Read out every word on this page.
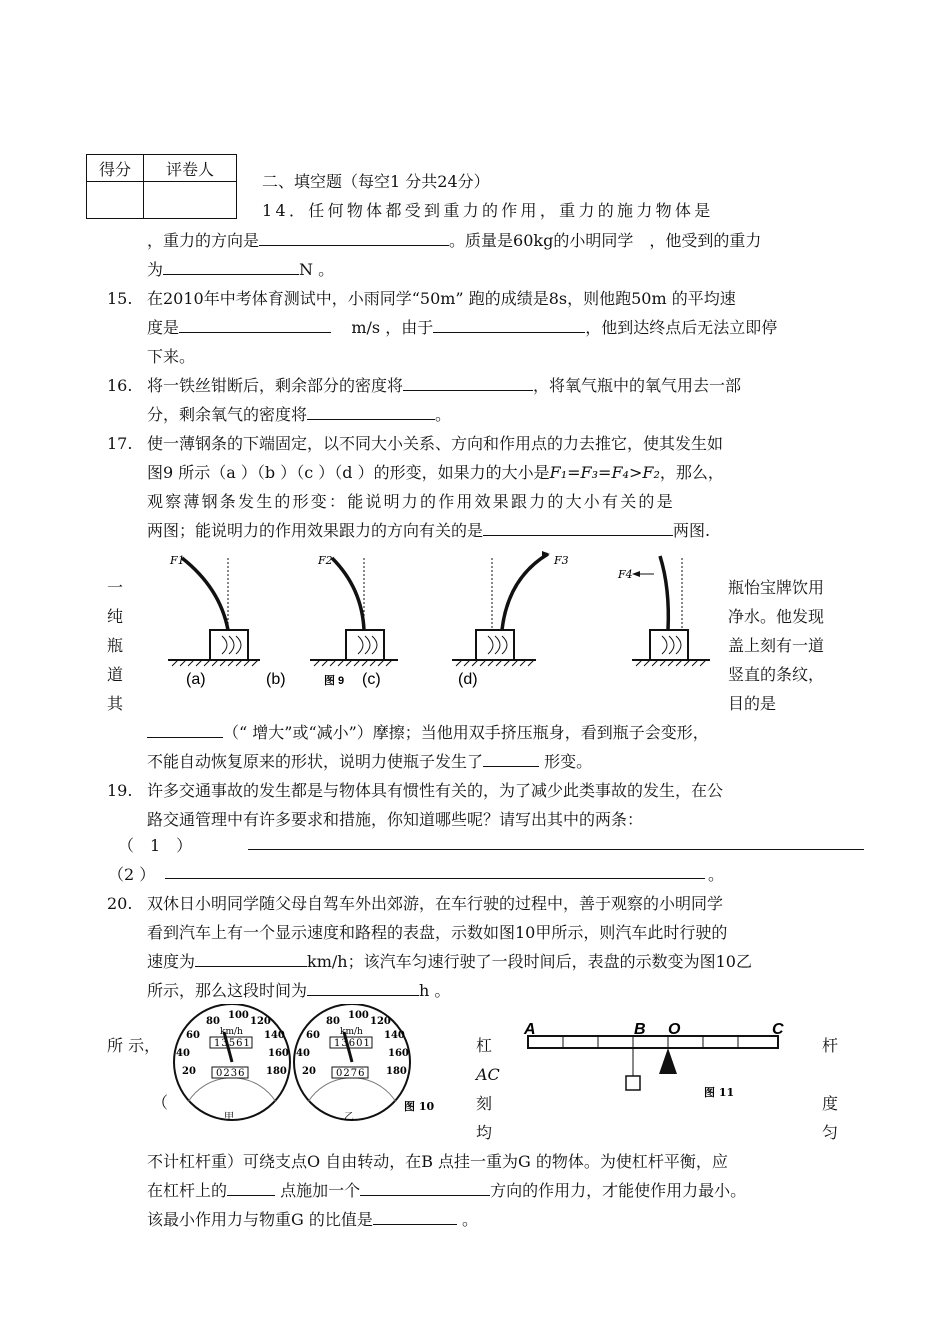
得分	评卷人

二、填空题（每空1 分共24分）
14．任何物体都受到重力的作用，重力的施力物体是
，重力的方向是	。质量是60kg的小明同学　，他受到的重力
为	N 。
15. 在2010年中考体育测试中，小雨同学“50m” 跑的成绩是8s，则他跑50m 的平均速
度是	m/s ，由于	，他到达终点后无法立即停
下来。
16. 将一铁丝钳断后，剩余部分的密度将	，将氧气瓶中的氧气用去一部
分，剩余氧气的密度将	。
17. 使一薄钢条的下端固定，以不同大小关系、方向和作用点的力去推它，使其发生如
图9 所示（a ）（b ）（c ）（d ）的形变，如果力的大小是F₁=F₃=F₄>F₂，那么，
观察薄钢条发生的形变：能说明力的作用效果跟力的大小有关的是
两图；能说明力的作用效果跟力的方向有关的是	两图.
F1	F2	F3
F4
(a)	(b)	图 9 (c)	(d)
一
纯
瓶
道
其
瓶怡宝牌饮用
净水。他发现
盖上刻有一道
竖直的条纹，
目的是
（“ 增大”或“减小”）摩擦；当他用双手挤压瓶身，看到瓶子会变形，
不能自动恢复原来的形状，说明力使瓶子发生了	形变。
19. 许多交通事故的发生都是与物体具有惯性有关的，为了减少此类事故的发生，在公
路交通管理中有许多要求和措施，你知道哪些呢？请写出其中的两条：
（　1　）
（2 ）	。
20. 双休日小明同学随父母自驾车外出郊游，在车行驶的过程中，善于观察的小明同学
看到汽车上有一个显示速度和路程的表盘，示数如图10甲所示，则汽车此时行驶的
速度为	km/h；该汽车匀速行驶了一段时间后，表盘的示数变为图10乙
所示，那么这段时间为	h 。
20
40
60
80
100
120
140
160
180
km/h
13561
0236
甲
20
40
60
80
100
120
140
160
180
km/h
13601
0276
乙
图 10
A	B O	C
图 11
所 示，
（
杠
AC
刻
均
杆
度
匀
不计杠杆重）可绕支点O 自由转动，在B 点挂一重为G 的物体。为使杠杆平衡，应
在杠杆上的	点施加一个	方向的作用力，才能使作用力最小。
该最小作用力与物重G 的比值是	。
